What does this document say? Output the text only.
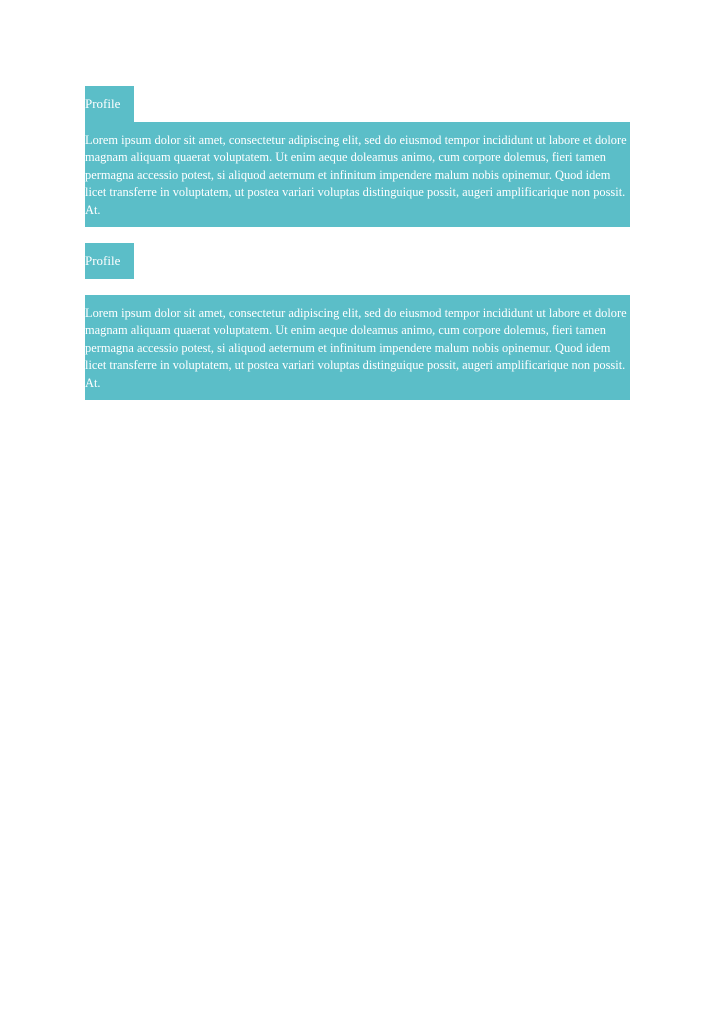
Profile
Lorem ipsum dolor sit amet, consectetur adipiscing elit, sed do eiusmod tempor incididunt ut labore et dolore magnam aliquam quaerat voluptatem. Ut enim aeque doleamus animo, cum corpore dolemus, fieri tamen permagna accessio potest, si aliquod aeternum et infinitum impendere malum nobis opinemur. Quod idem licet transferre in voluptatem, ut postea variari voluptas distinguique possit, augeri amplificarique non possit. At.
Profile
Lorem ipsum dolor sit amet, consectetur adipiscing elit, sed do eiusmod tempor incididunt ut labore et dolore magnam aliquam quaerat voluptatem. Ut enim aeque doleamus animo, cum corpore dolemus, fieri tamen permagna accessio potest, si aliquod aeternum et infinitum impendere malum nobis opinemur. Quod idem licet transferre in voluptatem, ut postea variari voluptas distinguique possit, augeri amplificarique non possit. At.
